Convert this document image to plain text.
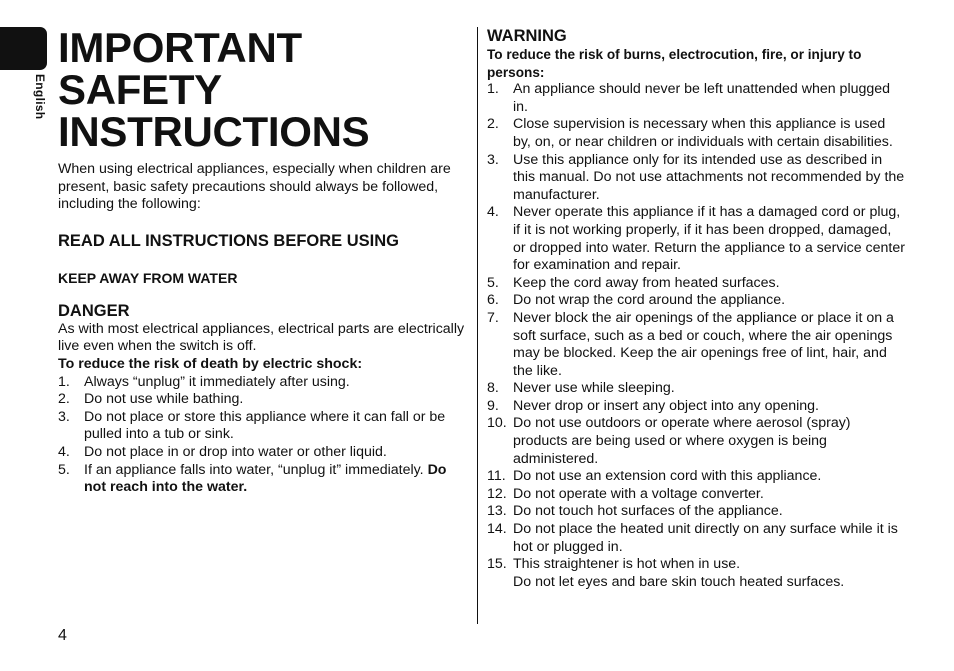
English
IMPORTANT SAFETY
INSTRUCTIONS

When using electrical appliances, especially when children are present, basic safety precautions should always be followed, including the following:

READ ALL INSTRUCTIONS BEFORE USING
KEEP AWAY FROM WATER
DANGER

As with most electrical appliances, electrical parts are electrically live even when the switch is off.

To reduce the risk of death by electric shock:

1. Always “unplug” it immediately after using.
2. Do not use while bathing.
3. Do not place or store this appliance where it can fall or be pulled into a tub or sink.
4. Do not place in or drop into water or other liquid.
5. If an appliance falls into water, “unplug it” immediately. Do not reach into the water.
WARNING

To reduce the risk of burns, electrocution, fire, or injury to persons:

1. An appliance should never be left unattended when plugged in.
2. Close supervision is necessary when this appliance is used by, on, or near children or individuals with certain disabilities.
3. Use this appliance only for its intended use as described in this manual. Do not use attachments not recommended by the manufacturer.
4. Never operate this appliance if it has a damaged cord or plug, if it is not working properly, if it has been dropped, damaged, or dropped into water. Return the appliance to a service center for examination and repair.
5. Keep the cord away from heated surfaces.
6. Do not wrap the cord around the appliance.
7. Never block the air openings of the appliance or place it on a soft surface, such as a bed or couch, where the air openings may be blocked. Keep the air openings free of lint, hair, and the like.
8. Never use while sleeping.
9. Never drop or insert any object into any opening.
10. Do not use outdoors or operate where aerosol (spray) products are being used or where oxygen is being administered.
11. Do not use an extension cord with this appliance.
12. Do not operate with a voltage converter.
13. Do not touch hot surfaces of the appliance.
14. Do not place the heated unit directly on any surface while it is hot or plugged in.
15. This straightener is hot when in use.
Do not let eyes and bare skin touch heated surfaces.
4
